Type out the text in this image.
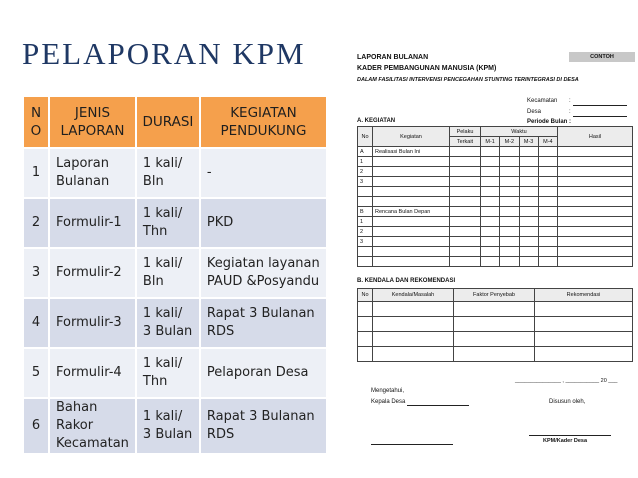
PELAPORAN KPM
N O	JENIS LAPORAN	DURASI	KEGIATAN PENDUKUNG
1	Laporan Bulanan	1 kali/ Bln	-
2	Formulir-1	1 kali/ Thn	PKD
3	Formulir-2	1 kali/ Bln	Kegiatan layanan PAUD &Posyandu
4	Formulir-3	1 kali/ 3 Bulan	Rapat 3 Bulanan RDS
5	Formulir-4	1 kali/ Thn	Pelaporan Desa
6	Bahan Rakor Kecamatan	1 kali/ 3 Bulan	Rapat 3 Bulanan RDS
CONTOH
LAPORAN BULANAN
KADER PEMBANGUNAN MANUSIA (KPM)
DALAM FASILITASI INTERVENSI PENCEGAHAN STUNTING TERINTEGRASI DI DESA
Kecamatan :
Desa	:
Periode Bulan :
A. KEGIATAN
No	Kegiatan	Pelaku	Waktu				Hasil
		Terkait	M-1	M-2	M-3	M-4	
A	Realisasi Bulan Ini						
1							
2							
3							

B	Rencana Bulan Depan						
1							
2							
3							

B. KENDALA DAN REKOMENDASI
No	Kendala/Masalah	Faktor Penyebab	Rekomendasi

_______________ , ___________ 20 ___
Mengetahui,
Kepala Desa	Disusun oleh,
KPM/Kader Desa
